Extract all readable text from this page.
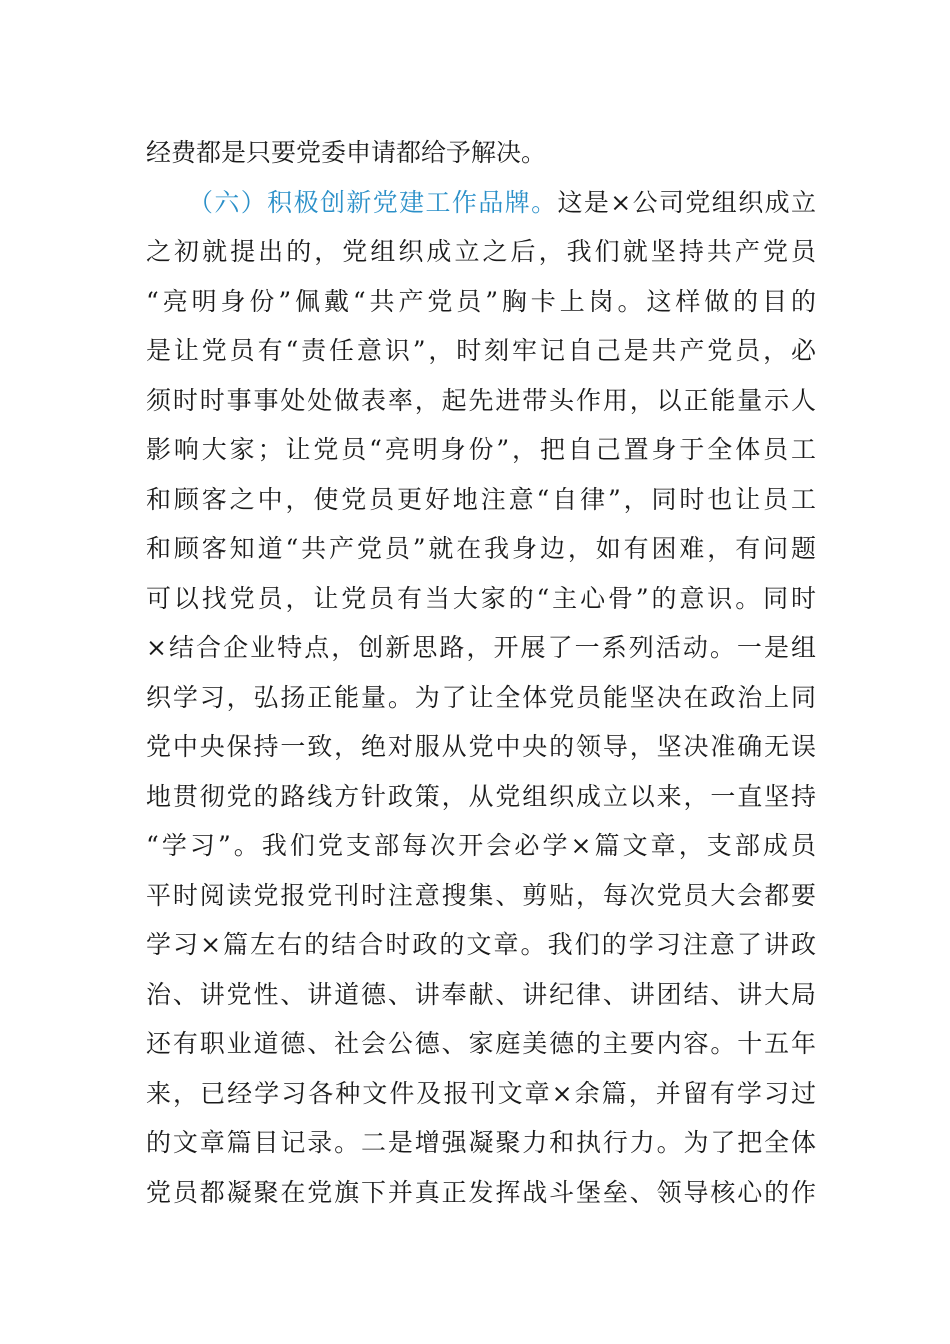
经费都是只要党委申请都给予解决。
（六）积极创新党建工作品牌。这是×公司党组织成立
之初就提出的，党组织成立之后，我们就坚持共产党员
“亮明身份”佩戴“共产党员”胸卡上岗。这样做的目的
是让党员有“责任意识”，时刻牢记自己是共产党员，必
须时时事事处处做表率，起先进带头作用，以正能量示人
影响大家；让党员“亮明身份”，把自己置身于全体员工
和顾客之中，使党员更好地注意“自律”，同时也让员工
和顾客知道“共产党员”就在我身边，如有困难，有问题
可以找党员，让党员有当大家的“主心骨”的意识。同时
×结合企业特点，创新思路，开展了一系列活动。一是组
织学习，弘扬正能量。为了让全体党员能坚决在政治上同
党中央保持一致，绝对服从党中央的领导，坚决准确无误
地贯彻党的路线方针政策，从党组织成立以来，一直坚持
“学习”。我们党支部每次开会必学×篇文章，支部成员
平时阅读党报党刊时注意搜集、剪贴，每次党员大会都要
学习×篇左右的结合时政的文章。我们的学习注意了讲政
治、讲党性、讲道德、讲奉献、讲纪律、讲团结、讲大局
还有职业道德、社会公德、家庭美德的主要内容。十五年
来，已经学习各种文件及报刊文章×余篇，并留有学习过
的文章篇目记录。二是增强凝聚力和执行力。为了把全体
党员都凝聚在党旗下并真正发挥战斗堡垒、领导核心的作
